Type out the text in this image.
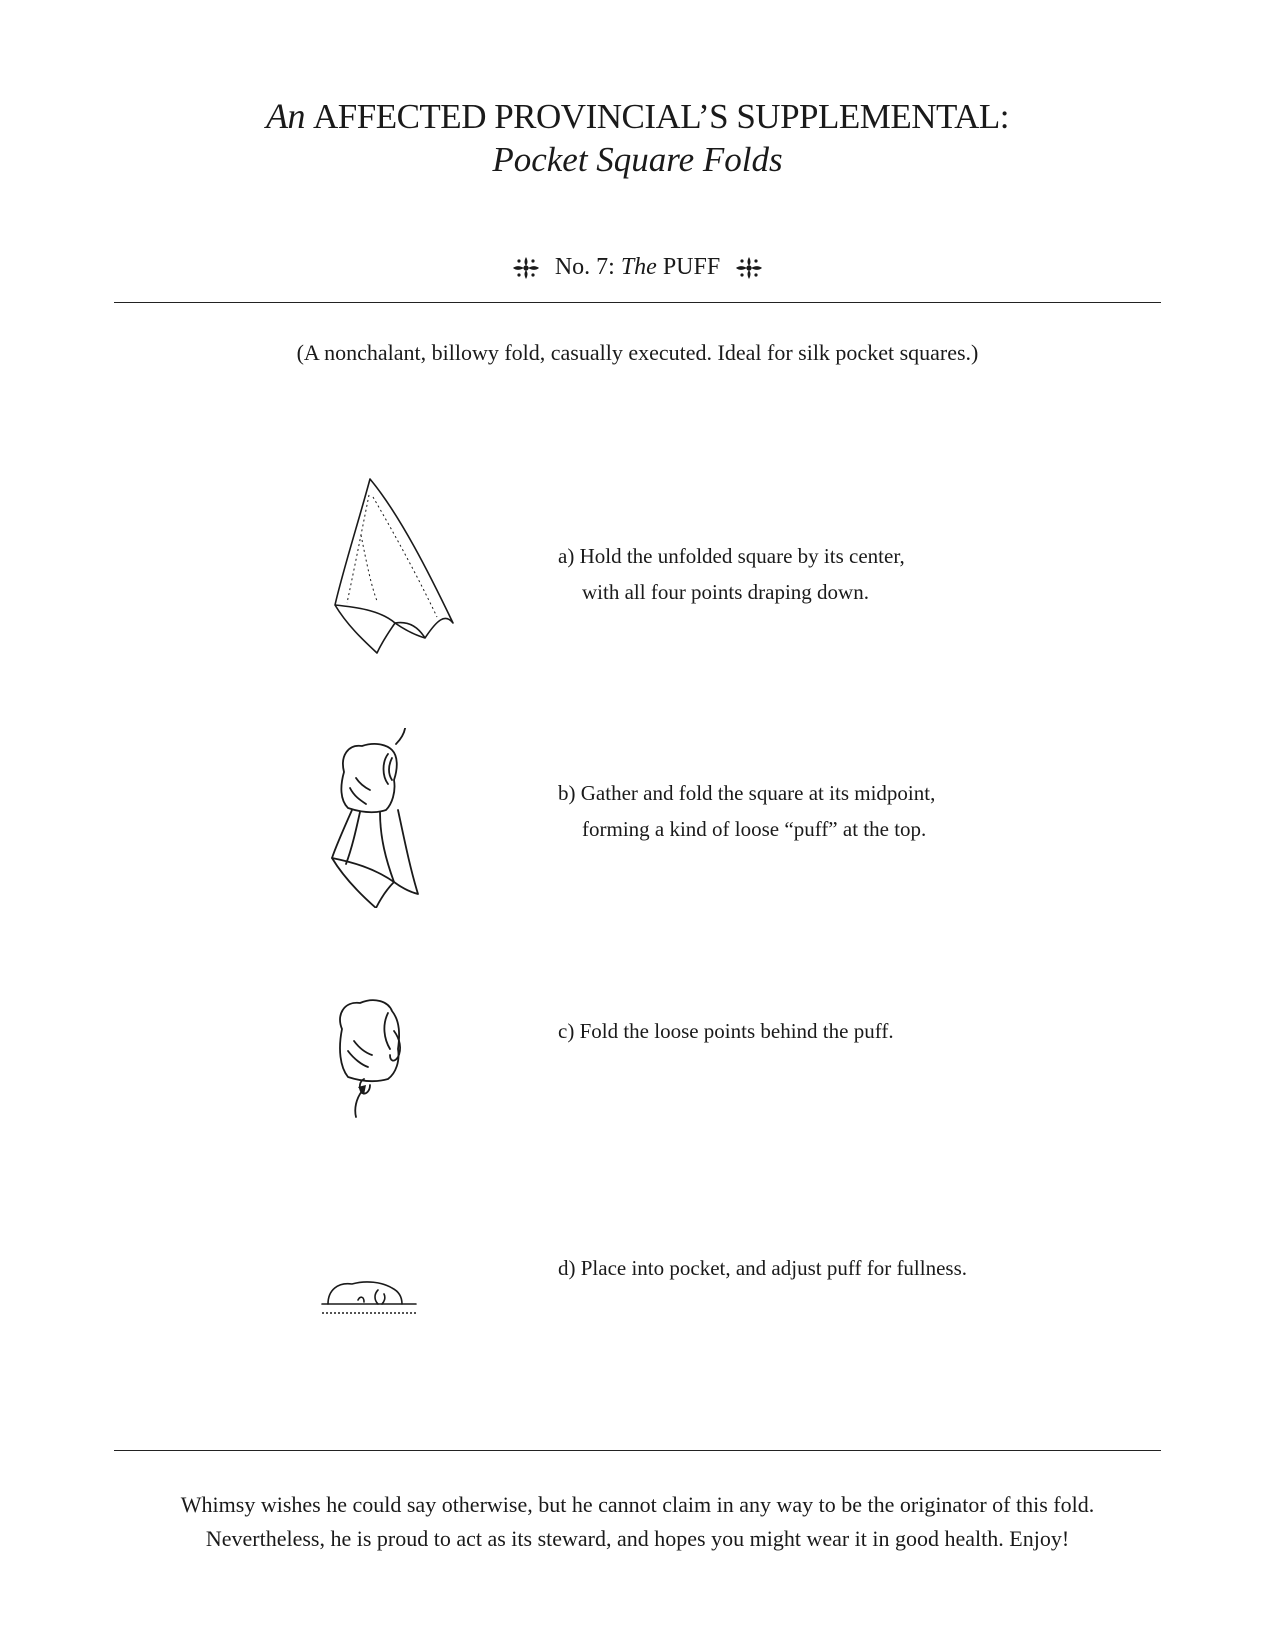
An AFFECTED PROVINCIAL’S SUPPLEMENTAL:
Pocket Square Folds
No. 7: The PUFF
(A nonchalant, billowy fold, casually executed. Ideal for silk pocket squares.)
a) Hold the unfolded square by its center,
with all four points draping down.
b) Gather and fold the square at its midpoint,
forming a kind of loose “puff” at the top.
c) Fold the loose points behind the puff.
d) Place into pocket, and adjust puff for fullness.
Whimsy wishes he could say otherwise, but he cannot claim in any way to be the originator of this fold.
Nevertheless, he is proud to act as its steward, and hopes you might wear it in good health. Enjoy!
